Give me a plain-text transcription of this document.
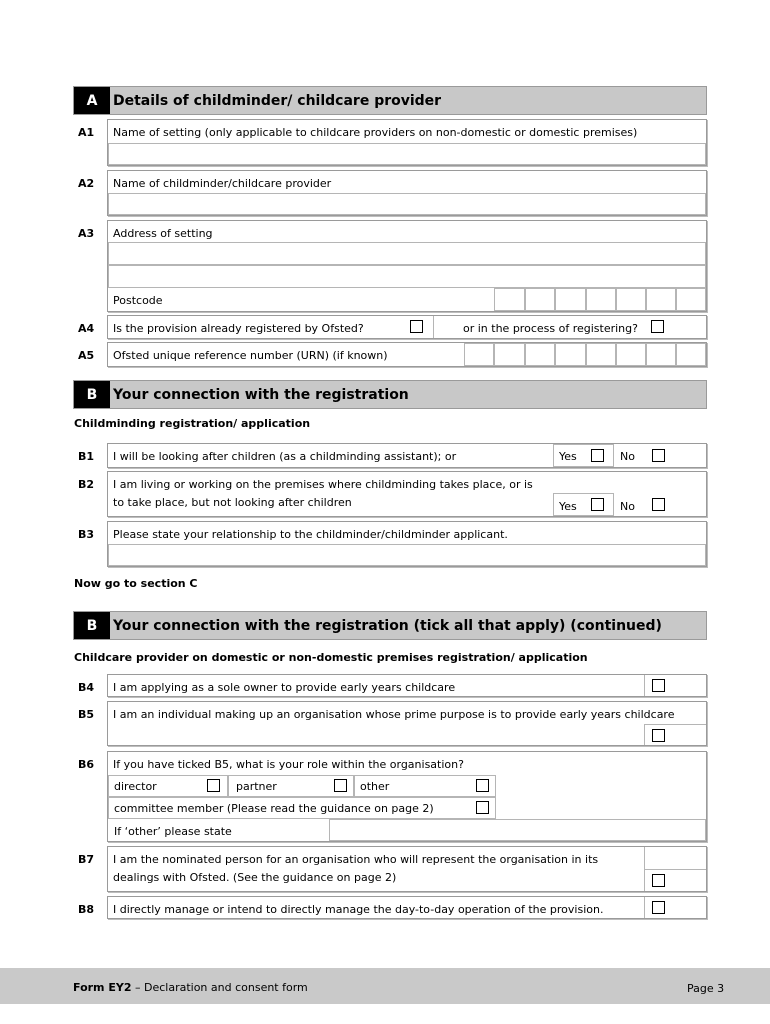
A	Details of childminder/ childcare provider
A1 Name of setting (only applicable to childcare providers on non-domestic or domestic premises)
A2 Name of childminder/childcare provider
A3 Address of setting
Postcode
A4 Is the provision already registered by Ofsted?	or in the process of registering?
A5 Ofsted unique reference number (URN) (if known)
B	Your connection with the registration
Childminding registration/ application
B1 I will be looking after children (as a childminding assistant); or	Yes	No
B2 I am living or working on the premises where childminding takes place, or is
to take place, but not looking after children	Yes	No
B3 Please state your relationship to the childminder/childminder applicant.
Now go to section C
B	Your connection with the registration (tick all that apply) (continued)
Childcare provider on domestic or non-domestic premises registration/ application
B4 I am applying as a sole owner to provide early years childcare
B5 I am an individual making up an organisation whose prime purpose is to provide early years childcare
B6 If you have ticked B5, what is your role within the organisation?
director	partner	other
committee member (Please read the guidance on page 2)
If ‘other’ please state
B7 I am the nominated person for an organisation who will represent the organisation in its
dealings with Ofsted. (See the guidance on page 2)
B8 I directly manage or intend to directly manage the day-to-day operation of the provision.
Form EY2 – Declaration and consent form	Page 3
